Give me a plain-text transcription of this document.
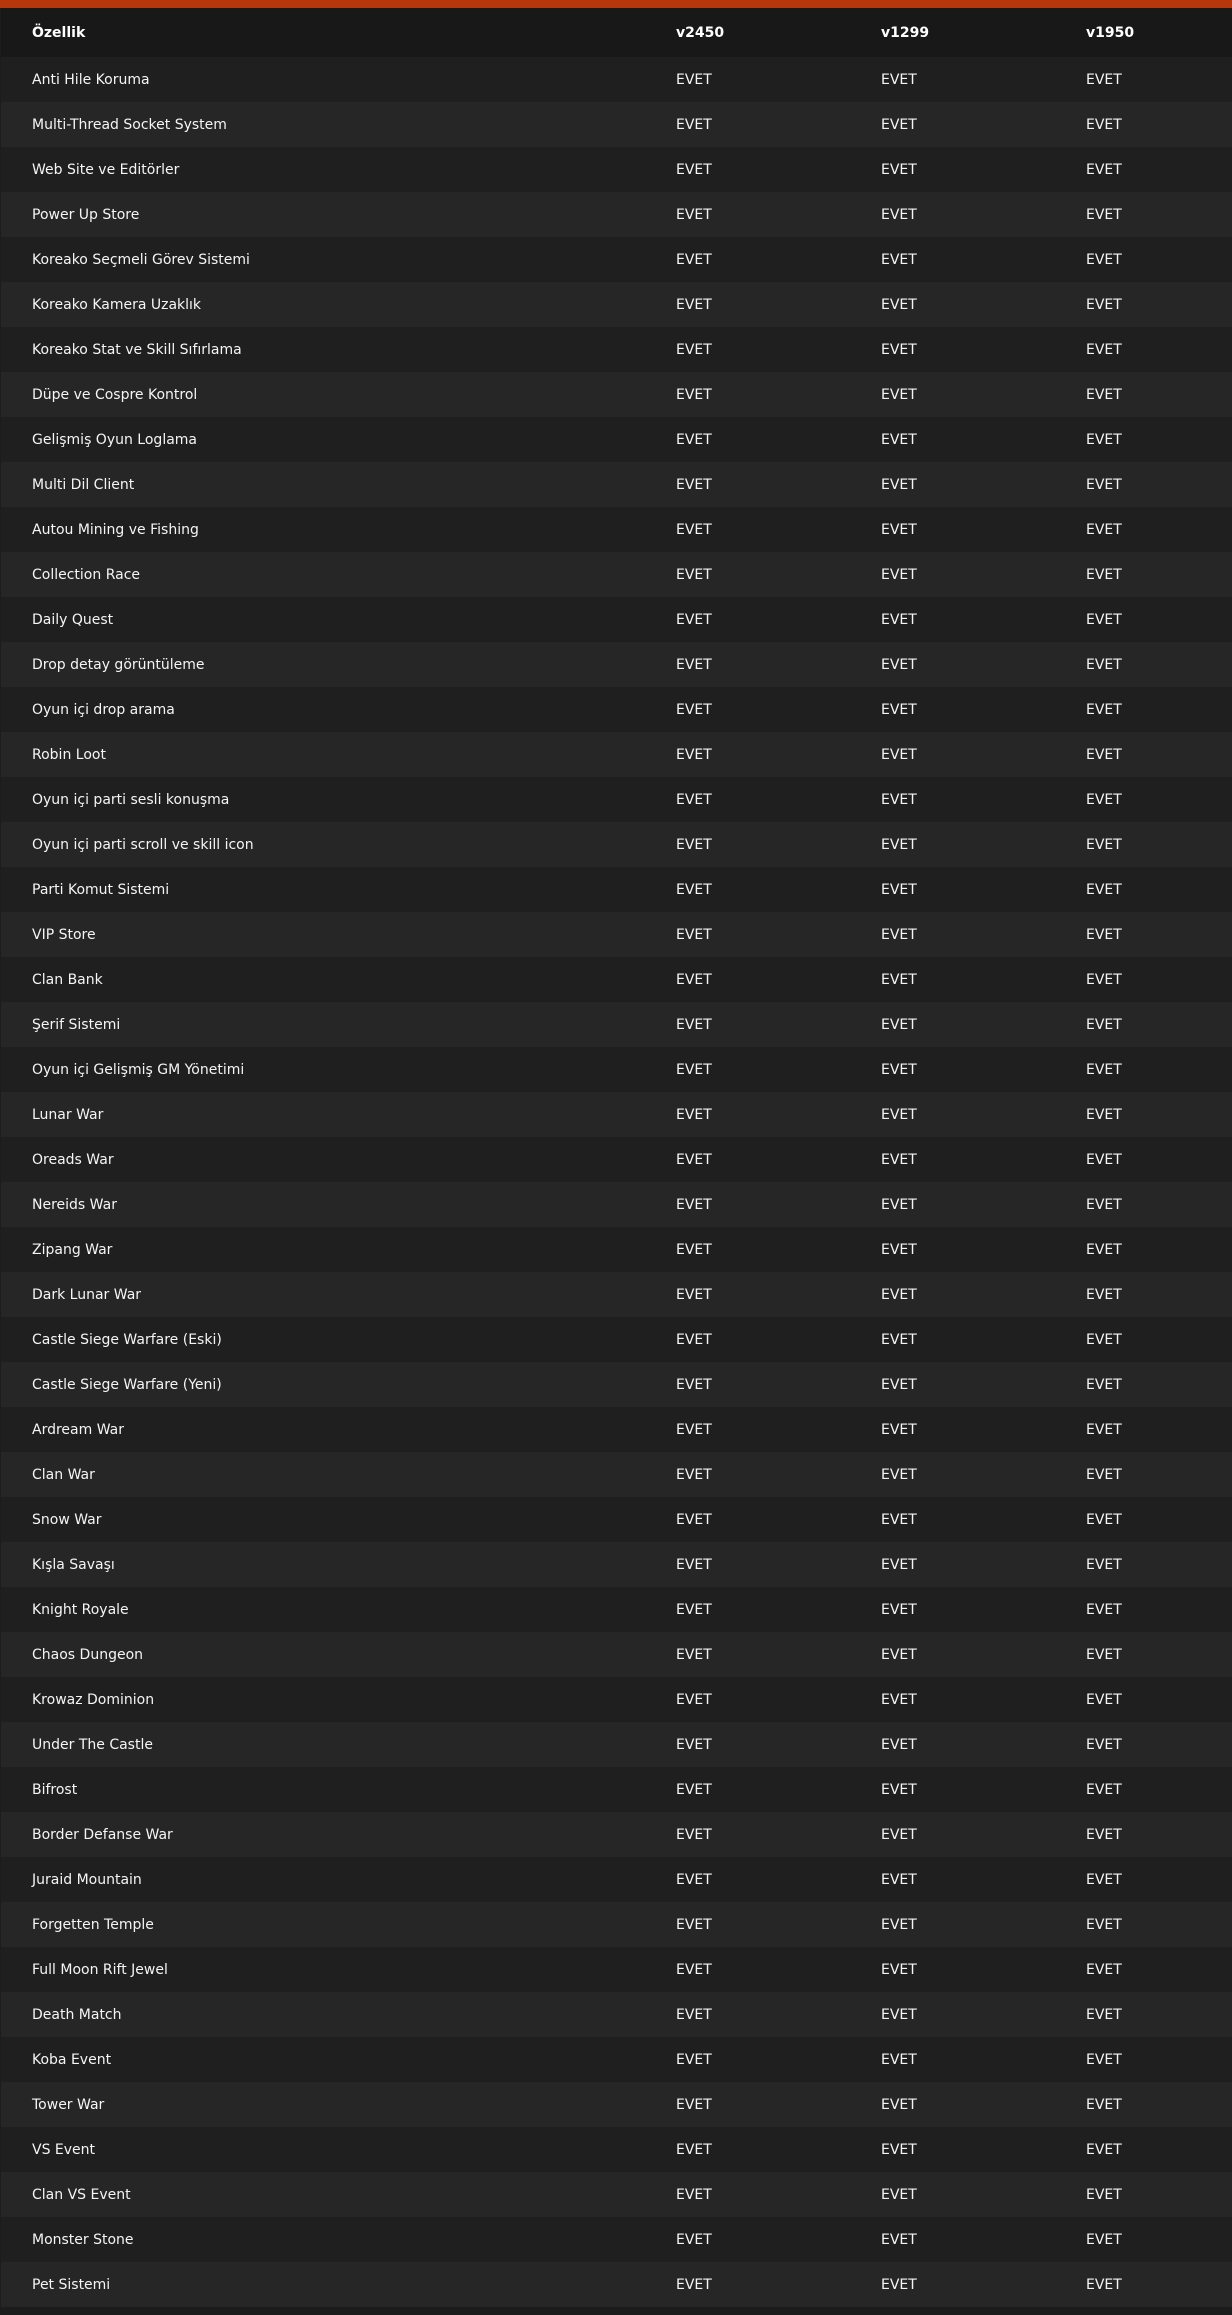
Özellik	v2450	v1299	v1950
Anti Hile Koruma	EVET	EVET	EVET
Multi-Thread Socket System	EVET	EVET	EVET
Web Site ve Editörler	EVET	EVET	EVET
Power Up Store	EVET	EVET	EVET
Koreako Seçmeli Görev Sistemi	EVET	EVET	EVET
Koreako Kamera Uzaklık	EVET	EVET	EVET
Koreako Stat ve Skill Sıfırlama	EVET	EVET	EVET
Düpe ve Cospre Kontrol	EVET	EVET	EVET
Gelişmiş Oyun Loglama	EVET	EVET	EVET
Multi Dil Client	EVET	EVET	EVET
Autou Mining ve Fishing	EVET	EVET	EVET
Collection Race	EVET	EVET	EVET
Daily Quest	EVET	EVET	EVET
Drop detay görüntüleme	EVET	EVET	EVET
Oyun içi drop arama	EVET	EVET	EVET
Robin Loot	EVET	EVET	EVET
Oyun içi parti sesli konuşma	EVET	EVET	EVET
Oyun içi parti scroll ve skill icon	EVET	EVET	EVET
Parti Komut Sistemi	EVET	EVET	EVET
VIP Store	EVET	EVET	EVET
Clan Bank	EVET	EVET	EVET
Şerif Sistemi	EVET	EVET	EVET
Oyun içi Gelişmiş GM Yönetimi	EVET	EVET	EVET
Lunar War	EVET	EVET	EVET
Oreads War	EVET	EVET	EVET
Nereids War	EVET	EVET	EVET
Zipang War	EVET	EVET	EVET
Dark Lunar War	EVET	EVET	EVET
Castle Siege Warfare (Eski)	EVET	EVET	EVET
Castle Siege Warfare (Yeni)	EVET	EVET	EVET
Ardream War	EVET	EVET	EVET
Clan War	EVET	EVET	EVET
Snow War	EVET	EVET	EVET
Kışla Savaşı	EVET	EVET	EVET
Knight Royale	EVET	EVET	EVET
Chaos Dungeon	EVET	EVET	EVET
Krowaz Dominion	EVET	EVET	EVET
Under The Castle	EVET	EVET	EVET
Bifrost	EVET	EVET	EVET
Border Defanse War	EVET	EVET	EVET
Juraid Mountain	EVET	EVET	EVET
Forgetten Temple	EVET	EVET	EVET
Full Moon Rift Jewel	EVET	EVET	EVET
Death Match	EVET	EVET	EVET
Koba Event	EVET	EVET	EVET
Tower War	EVET	EVET	EVET
VS Event	EVET	EVET	EVET
Clan VS Event	EVET	EVET	EVET
Monster Stone	EVET	EVET	EVET
Pet Sistemi	EVET	EVET	EVET
